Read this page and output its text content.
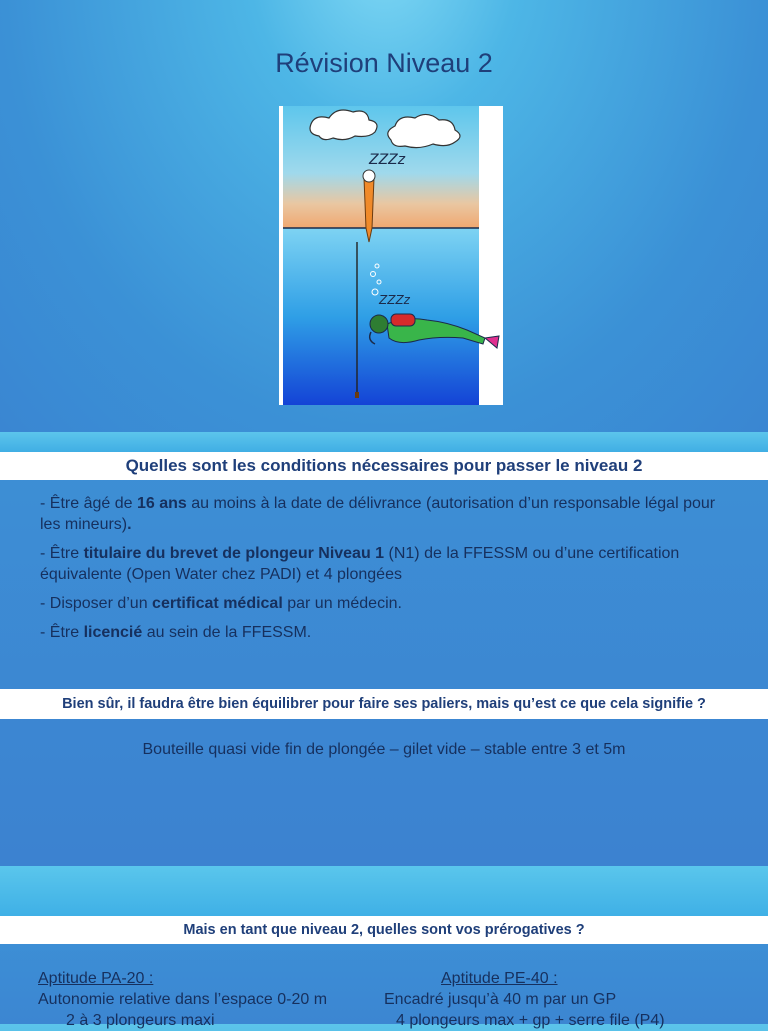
Révision Niveau 2
ZZZz
ZZZz
Quelles sont les conditions nécessaires pour passer le niveau 2

- Être âgé de 16 ans au moins à la date de délivrance (autorisation d’un responsable légal pour les mineurs).

- Être titulaire du brevet de plongeur Niveau 1 (N1) de la FFESSM ou d’une certification équivalente (Open Water chez PADI) et 4 plongées

- Disposer d’un certificat médical par un médecin.

- Être licencié au sein de la FFESSM.

Bien sûr, il faudra être bien équilibrer pour faire ses paliers, mais qu’est ce que cela signifie ?
Bouteille quasi vide fin de plongée – gilet vide – stable entre 3 et 5m
Mais en tant que niveau 2, quelles sont vos prérogatives ?
Aptitude PA-20 :
Autonomie relative dans l’espace 0-20 m
2 à 3 plongeurs maxi
Aptitude PE-40 :
Encadré jusqu’à 40 m par un GP
4 plongeurs max + gp + serre file (P4)
